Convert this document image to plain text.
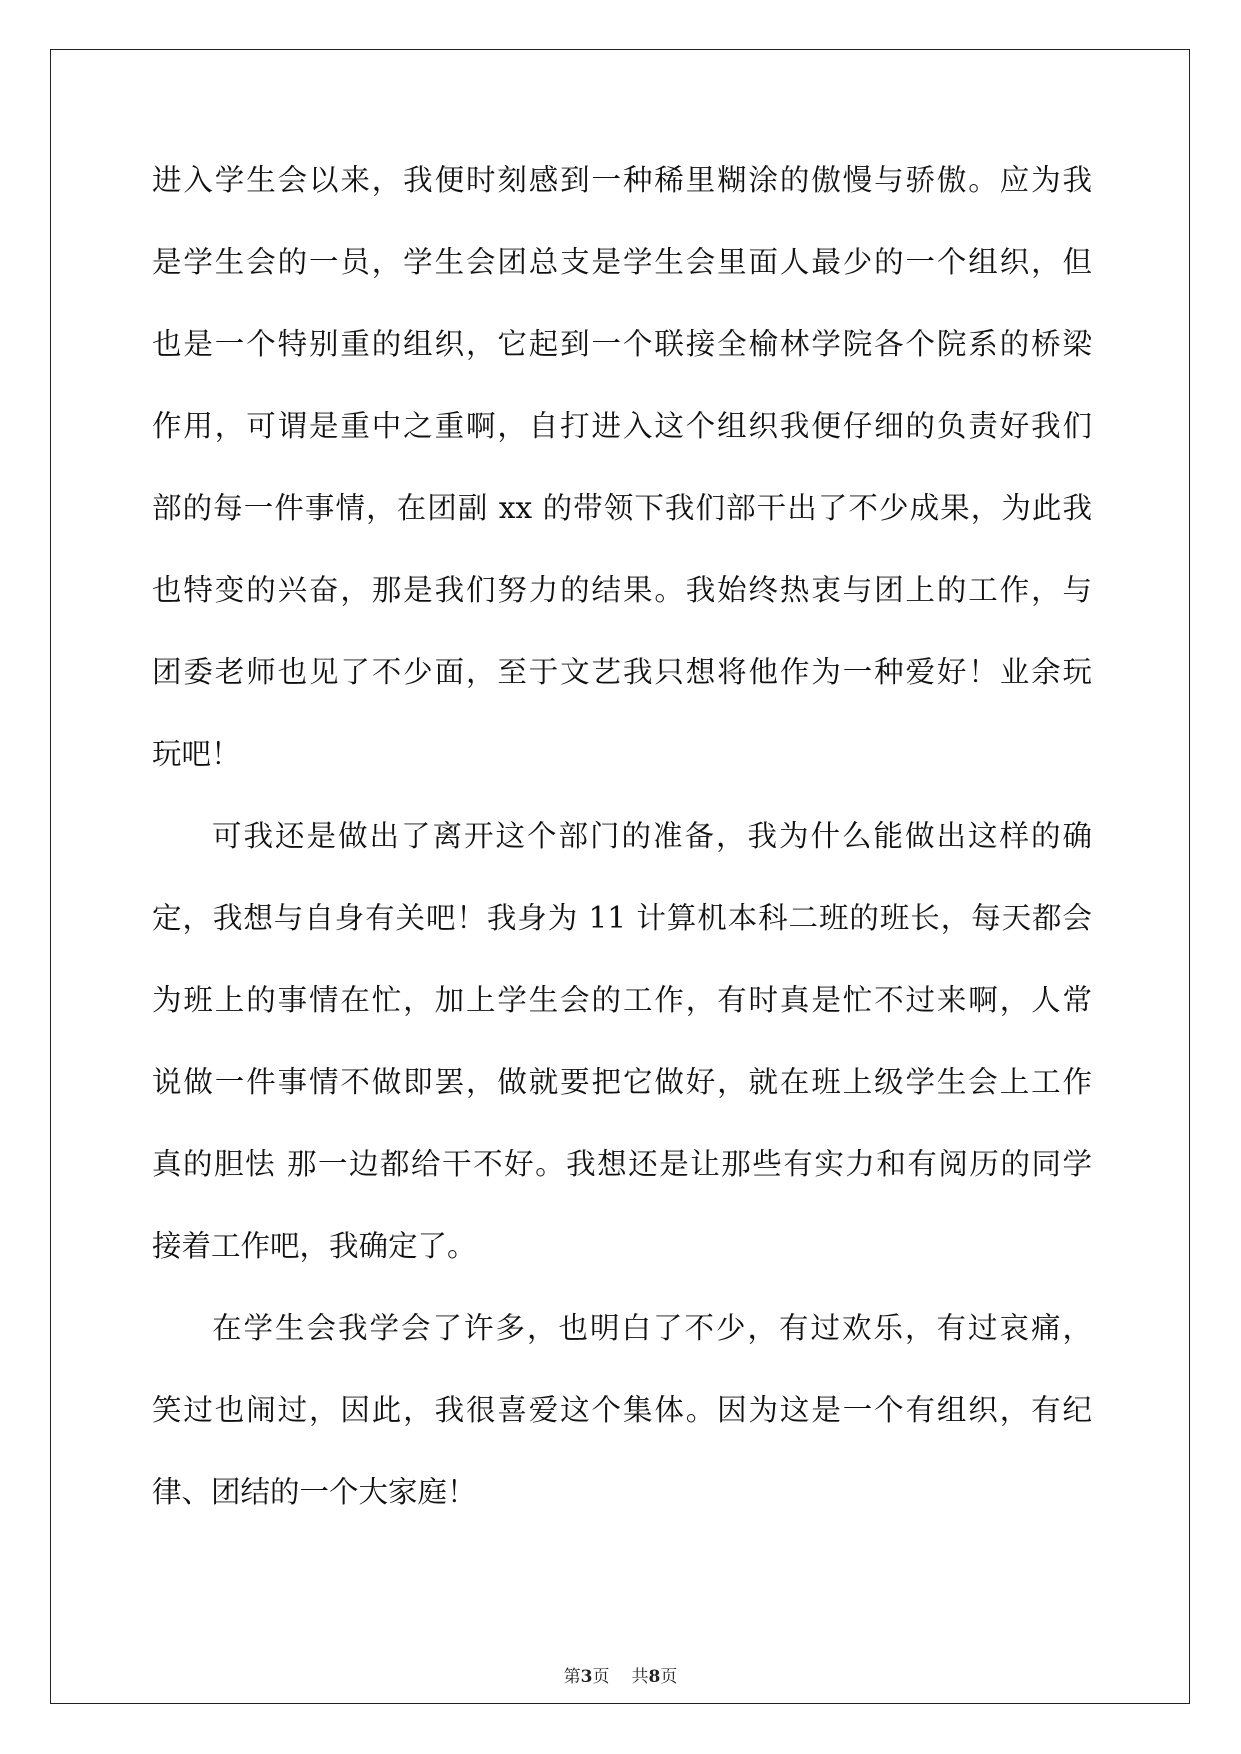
进入学生会以来，我便时刻感到一种稀里糊涂的傲慢与骄傲。应为我
是学生会的一员，学生会团总支是学生会里面人最少的一个组织，但
也是一个特别重的组织，它起到一个联接全榆林学院各个院系的桥梁
作用，可谓是重中之重啊，自打进入这个组织我便仔细的负责好我们
部的每一件事情，在团副 xx 的带领下我们部干出了不少成果，为此我
也特变的兴奋，那是我们努力的结果。我始终热衷与团上的工作，与
团委老师也见了不少面，至于文艺我只想将他作为一种爱好！业余玩
玩吧！
可我还是做出了离开这个部门的准备，我为什么能做出这样的确
定，我想与自身有关吧！我身为 11 计算机本科二班的班长，每天都会
为班上的事情在忙，加上学生会的工作，有时真是忙不过来啊，人常
说做一件事情不做即罢，做就要把它做好，就在班上级学生会上工作
真的胆怯 那一边都给干不好。我想还是让那些有实力和有阅历的同学
接着工作吧，我确定了。
在学生会我学会了许多，也明白了不少，有过欢乐，有过哀痛，
笑过也闹过，因此，我很喜爱这个集体。因为这是一个有组织，有纪
律、团结的一个大家庭！
第3页 共8页
